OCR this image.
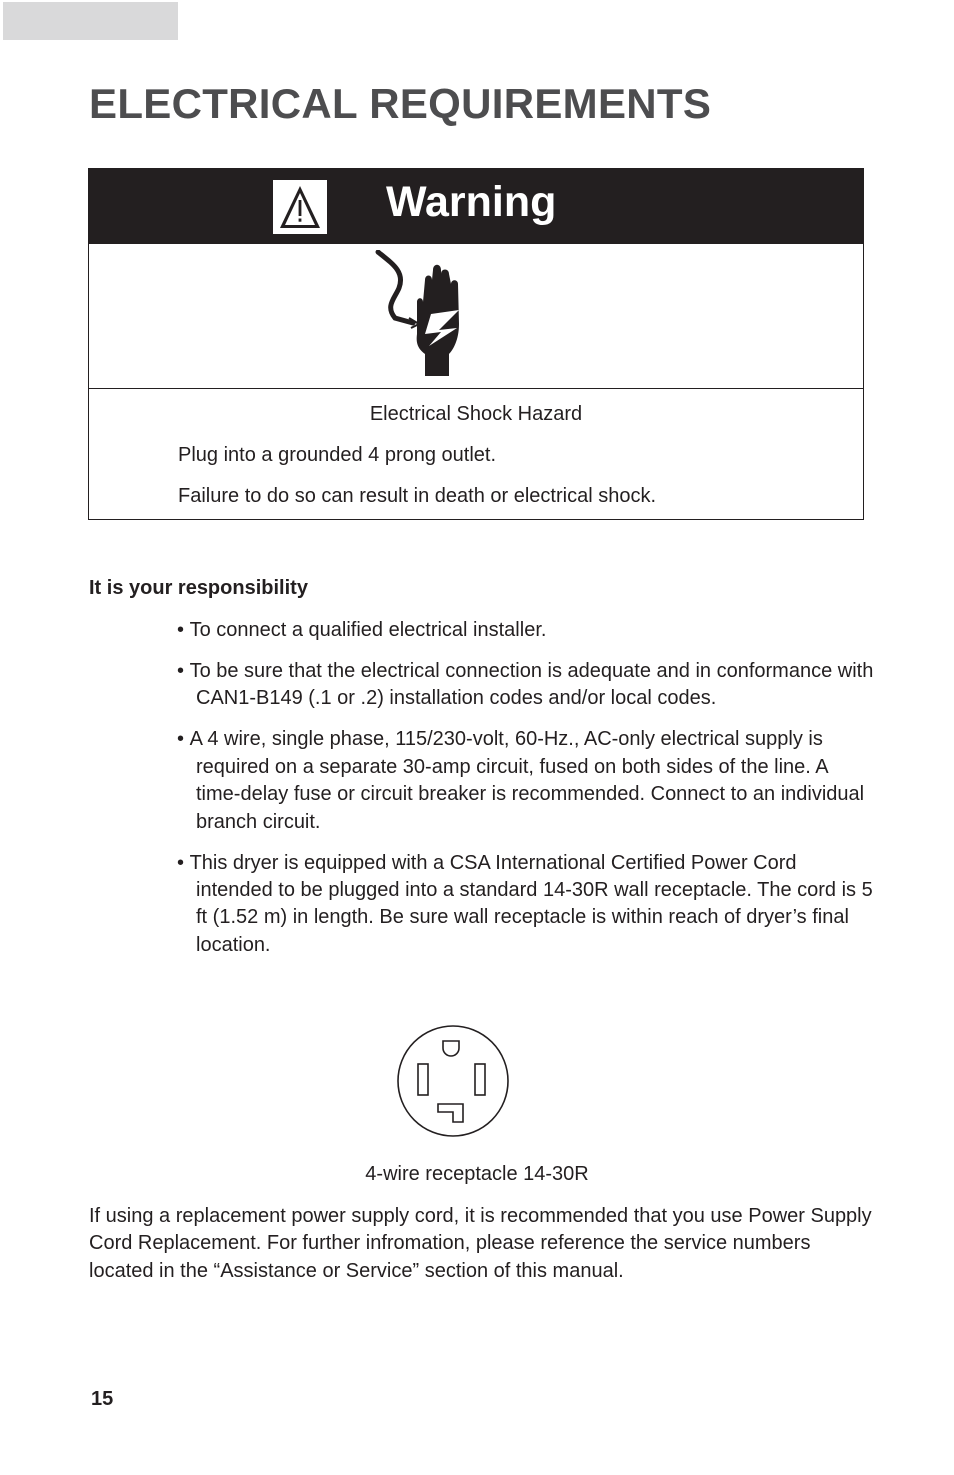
ELECTRICAL REQUIREMENTS
Warning
Electrical Shock Hazard
Plug into a grounded 4 prong outlet.
Failure to do so can result in death or electrical shock.
It is your responsibility
• To connect a qualified electrical installer.
• To be sure that the electrical connection is adequate and in conformance with CAN1-B149 (.1 or .2) installation codes and/or local codes.
• A 4 wire, single phase, 115/230-volt, 60-Hz., AC-only electrical supply is required on a separate 30-amp circuit, fused on both sides of the line. A time-delay fuse or circuit breaker is recommended. Connect to an individual branch circuit.
• This dryer is equipped with a CSA International Certified Power Cord intended to be plugged into a standard 14-30R wall receptacle. The cord is 5 ft (1.52 m) in length. Be sure wall receptacle is within reach of dryer’s final location.
4-wire receptacle 14-30R

If using a replacement power supply cord, it is recommended that you use Power Supply Cord Replacement. For further infromation, please reference the service numbers located in the “Assistance or Service” section of this manual.

15
